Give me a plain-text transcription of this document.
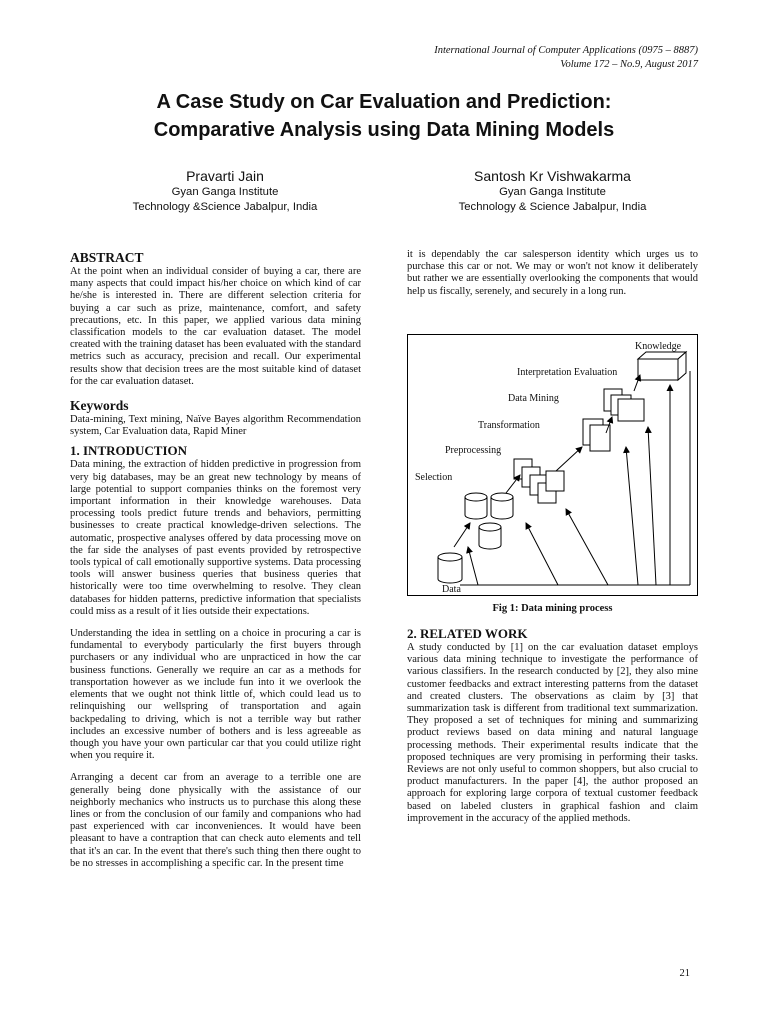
International Journal of Computer Applications (0975 – 8887)
Volume 172 – No.9, August 2017
A Case Study on Car Evaluation and Prediction:
Comparative Analysis using Data Mining Models
Pravarti Jain
Gyan Ganga Institute
Technology &Science Jabalpur, India
Santosh Kr Vishwakarma
Gyan Ganga Institute
Technology & Science Jabalpur, India
ABSTRACT

At the point when an individual consider of buying a car, there are many aspects that could impact his/her choice on which kind of car he/she is interested in. There are different selection criteria for buying a car such as prize, maintenance, comfort, and safety precautions, etc. In this paper, we applied various data mining classification models to the car evaluation dataset. The model created with the training dataset has been evaluated with the standard metrics such as accuracy, precision and recall. Our experimental results show that decision trees are the most suitable kind of dataset for the car evaluation dataset.

Keywords

Data-mining, Text mining, Naïve Bayes algorithm Recommendation system, Car Evaluation data, Rapid Miner

1. INTRODUCTION

Data mining, the extraction of hidden predictive in progression from very big databases, may be an great new technology by means of large potential to support companies thinks on the foremost very important information in their knowledge warehouses. Data processing tools predict future trends and behaviors, permitting businesses to create practical knowledge-driven selections. The automatic, prospective analyses offered by data processing move on the far side the analyses of past events provided by retrospective tools typical of call emotionally supportive systems. Data processing tools will answer business queries that business queries that historically were too time overwhelming to resolve. They clean databases for hidden patterns, predictive information that specialists could miss as a result of it lies outside their expectations.

Understanding the idea in settling on a choice in procuring a car is fundamental to everybody particularly the first buyers through purchasers or any individual who are unpracticed in how the car business functions. Generally we require an car as a methods for transportation however as we include fun into it we overlook the elements that we ought not think little of, which could lead us to relinquishing our wellspring of transportation and again backpedaling to driving, which is not a terrible way but rather includes an excessive number of bothers and is less agreeable as though you have your own particular car that you could utilize right when you require it.

Arranging a decent car from an average to a terrible one are generally being done physically with the assistance of our neighborly mechanics who instructs us to purchase this along these lines or from the conclusion of our family and companions who had past experienced with car inconveniences. It would have been pleasant to have a contraption that can check auto elements and tell that it's an car. In the event that there's such thing then there ought to be no stresses in accomplishing a specific car. In the present time

it is dependably the car salesperson identity which urges us to purchase this car or not. We may or won't not know it deliberately but rather we are essentially overlooking the components that would help us fiscally, serenely, and securely in a long run.

Knowledge
Interpretation Evaluation
Data Mining
Transformation
Preprocessing
Selection
Data
Fig 1: Data mining process
2. RELATED WORK

A study conducted by [1] on the car evaluation dataset employs various data mining technique to investigate the performance of various classifiers. In the research conducted by [2], they also mine customer feedbacks and extract interesting patterns from the dataset and created clusters. The observations as claim by [3] that summarization task is different from traditional text summarization. They proposed a set of techniques for mining and summarizing product reviews based on data mining and natural language processing methods. Their experimental results indicate that the proposed techniques are very promising in performing their tasks. Reviews are not only useful to common shoppers, but also crucial to product manufacturers. In the paper [4], the author proposed an approach for exploring large corpora of textual customer feedback based on labeled clusters in graphical fashion and claim improvement in the accuracy of the applied methods.

21
